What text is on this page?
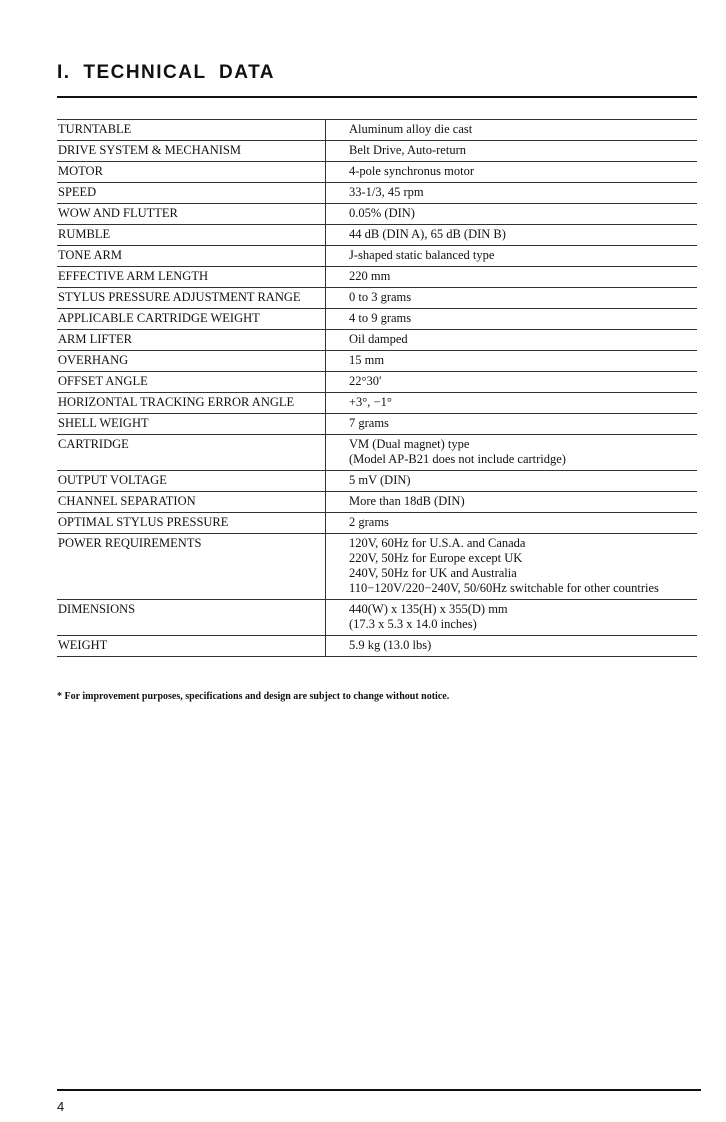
I. TECHNICAL DATA
TURNTABLE	Aluminum alloy die cast

DRIVE SYSTEM & MECHANISM	Belt Drive, Auto-return

MOTOR	4-pole synchronus motor

SPEED	33-1/3, 45 rpm

WOW AND FLUTTER	0.05% (DIN)

RUMBLE	44 dB (DIN A), 65 dB (DIN B)

TONE ARM	J-shaped static balanced type

EFFECTIVE ARM LENGTH	220 mm

STYLUS PRESSURE ADJUSTMENT RANGE	0 to 3 grams

APPLICABLE CARTRIDGE WEIGHT	4 to 9 grams

ARM LIFTER	Oil damped

OVERHANG	15 mm

OFFSET ANGLE	22°30′

HORIZONTAL TRACKING ERROR ANGLE	+3°, −1°

SHELL WEIGHT	7 grams

CARTRIDGE	VM (Dual magnet) type
(Model AP-B21 does not include cartridge)

OUTPUT VOLTAGE	5 mV (DIN)

CHANNEL SEPARATION	More than 18dB (DIN)

OPTIMAL STYLUS PRESSURE	2 grams

POWER REQUIREMENTS	120V, 60Hz for U.S.A. and Canada
220V, 50Hz for Europe except UK
240V, 50Hz for UK and Australia
110−120V/220−240V, 50/60Hz switchable for other countries

DIMENSIONS	440(W) x 135(H) x 355(D) mm
(17.3 x 5.3 x 14.0 inches)

WEIGHT	5.9 kg (13.0 lbs)

* For improvement purposes, specifications and design are subject to change without notice.

4
